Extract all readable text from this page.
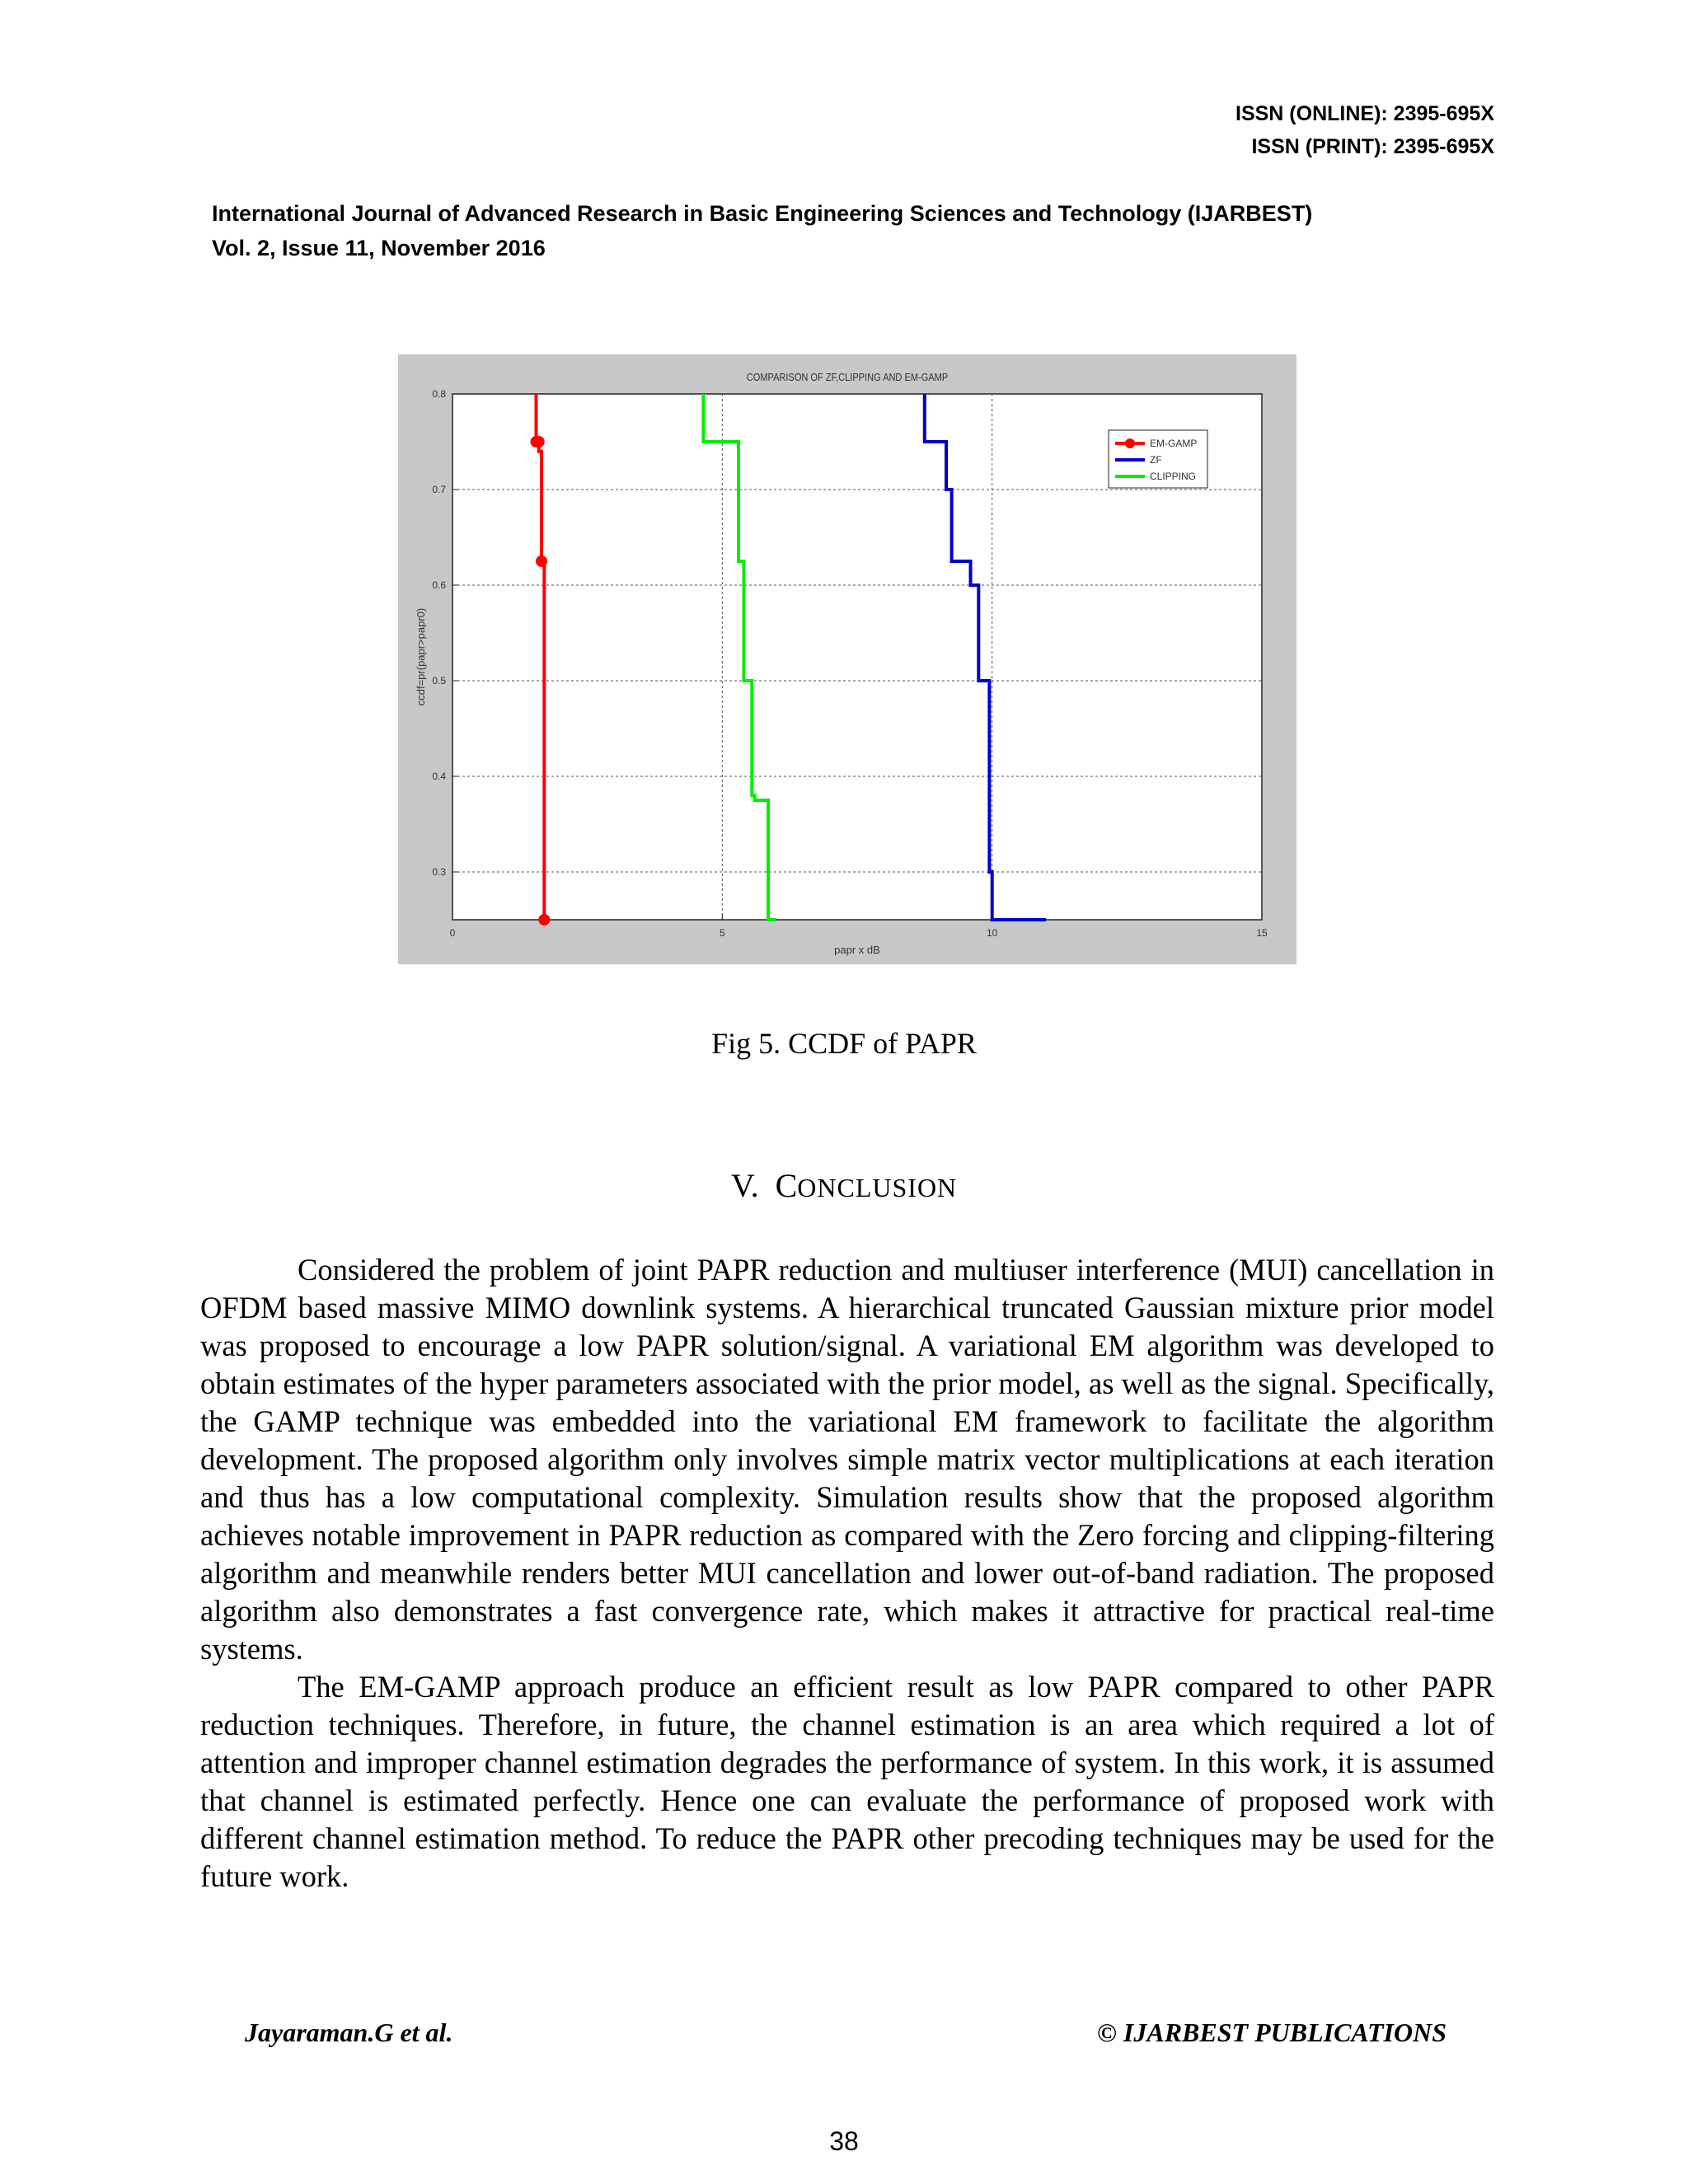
ISSN (ONLINE): 2395-695X
ISSN (PRINT): 2395-695X
International Journal of Advanced Research in Basic Engineering Sciences and Technology (IJARBEST)
Vol. 2, Issue 11, November 2016
COMPARISON OF ZF,CLIPPING AND EM-GAMP
0	5	10	15
0.8
0.7
0.6
0.5
0.4
0.3
EM-GAMP
ZF
CLIPPING
papr x dB
ccdf=pr(papr>papr0)
Fig 5. CCDF of PAPR
V. CONCLUSION

Considered the problem of joint PAPR reduction and multiuser interference (MUI) cancellation in OFDM based massive MIMO downlink systems. A hierarchical truncated Gaussian mixture prior model was proposed to encourage a low PAPR solution/signal. A variational EM algorithm was developed to obtain estimates of the hyper parameters associated with the prior model, as well as the signal. Specifically, the GAMP technique was embedded into the variational EM framework to facilitate the algorithm development. The proposed algorithm only involves simple matrix vector multiplications at each iteration and thus has a low computational complexity. Simulation results show that the proposed algorithm achieves notable improvement in PAPR reduction as compared with the Zero forcing and clipping-filtering algorithm and meanwhile renders better MUI cancellation and lower out-of-band radiation. The proposed algorithm also demonstrates a fast convergence rate, which makes it attractive for practical real-time systems.

The EM-GAMP approach produce an efficient result as low PAPR compared to other PAPR reduction techniques. Therefore, in future, the channel estimation is an area which required a lot of attention and improper channel estimation degrades the performance of system. In this work, it is assumed that channel is estimated perfectly. Hence one can evaluate the performance of proposed work with different channel estimation method. To reduce the PAPR other precoding techniques may be used for the future work.

Jayaraman.G et al.	© IJARBEST PUBLICATIONS
38
